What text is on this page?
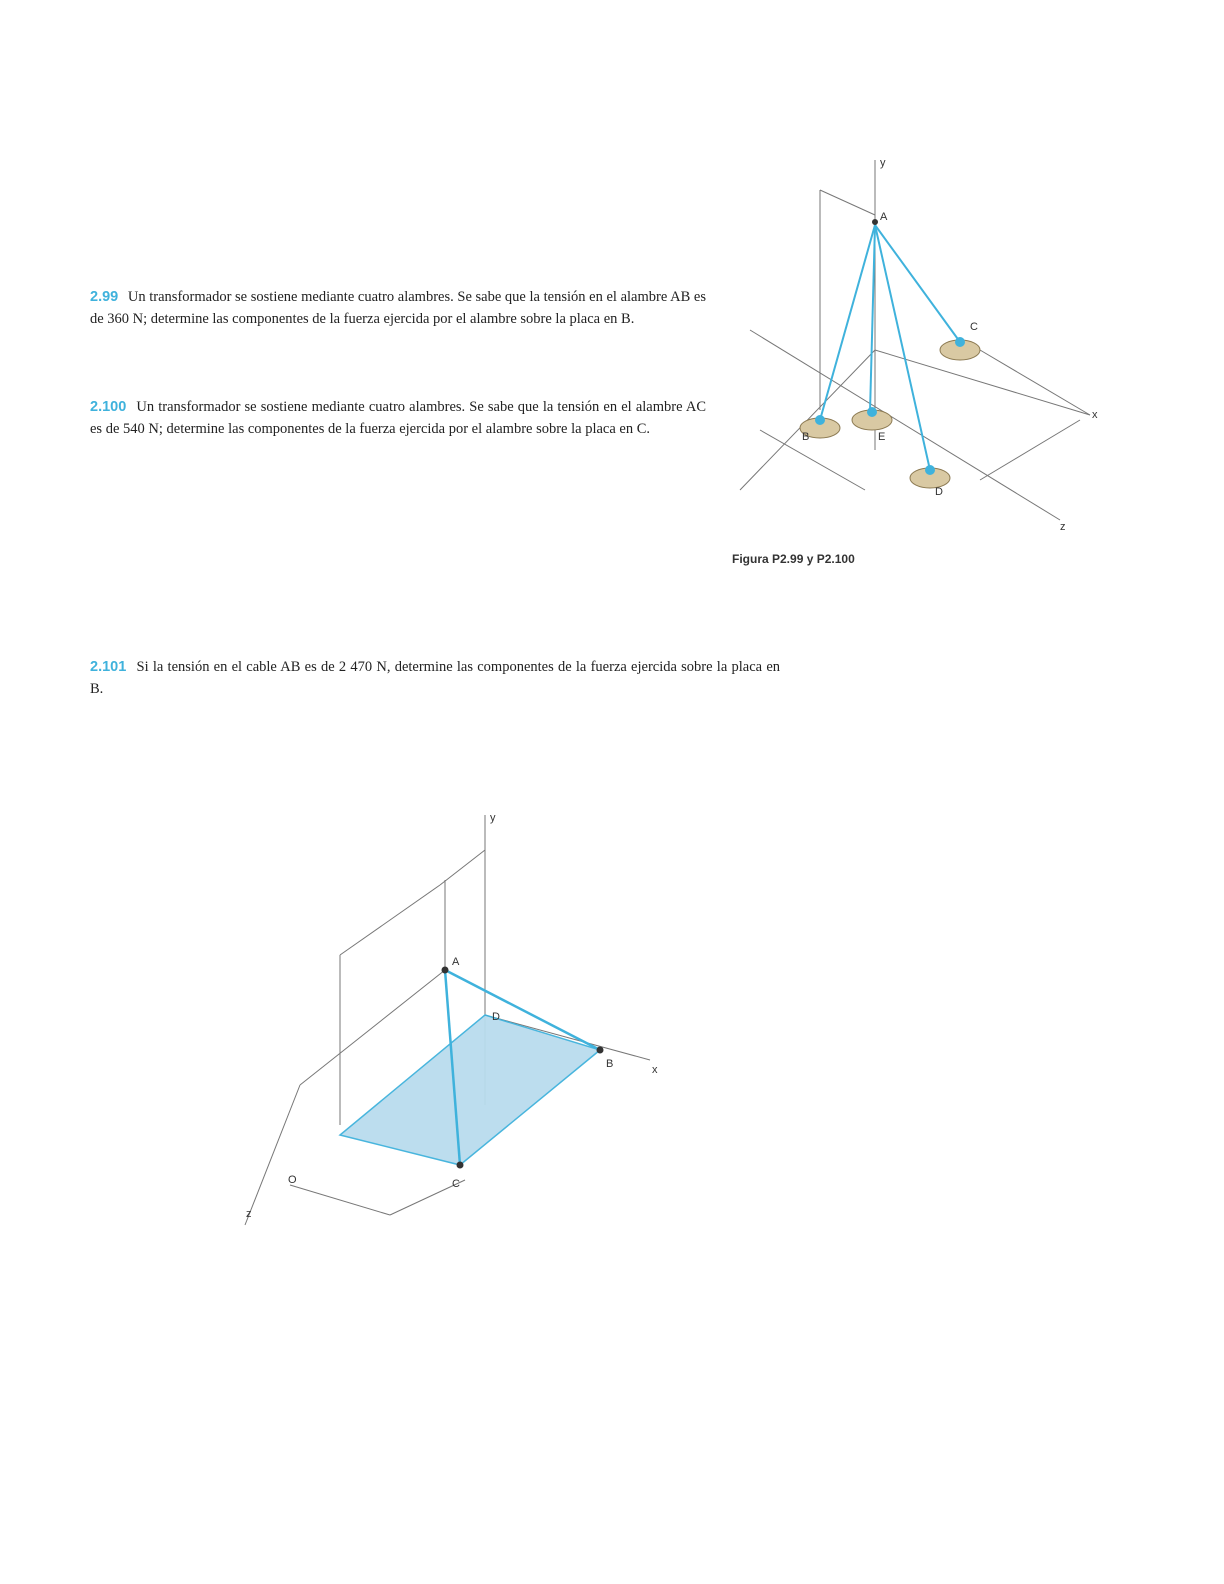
2.99 Un transformador se sostiene mediante cuatro alambres. Se sabe que la tensión en el alambre AB es de 360 N; determine las componentes de la fuerza ejercida por el alambre sobre la placa en B.
2.100 Un transformador se sostiene mediante cuatro alambres. Se sabe que la tensión en el alambre AC es de 540 N; determine las componentes de la fuerza ejercida por el alambre sobre la placa en C.
y
x
z
A
B
C
D
E
Figura P2.99 y P2.100
2.101 Si la tensión en el cable AB es de 2 470 N, determine las componentes de la fuerza ejercida sobre la placa en B.
y
x
z
A
B
C
D
O
